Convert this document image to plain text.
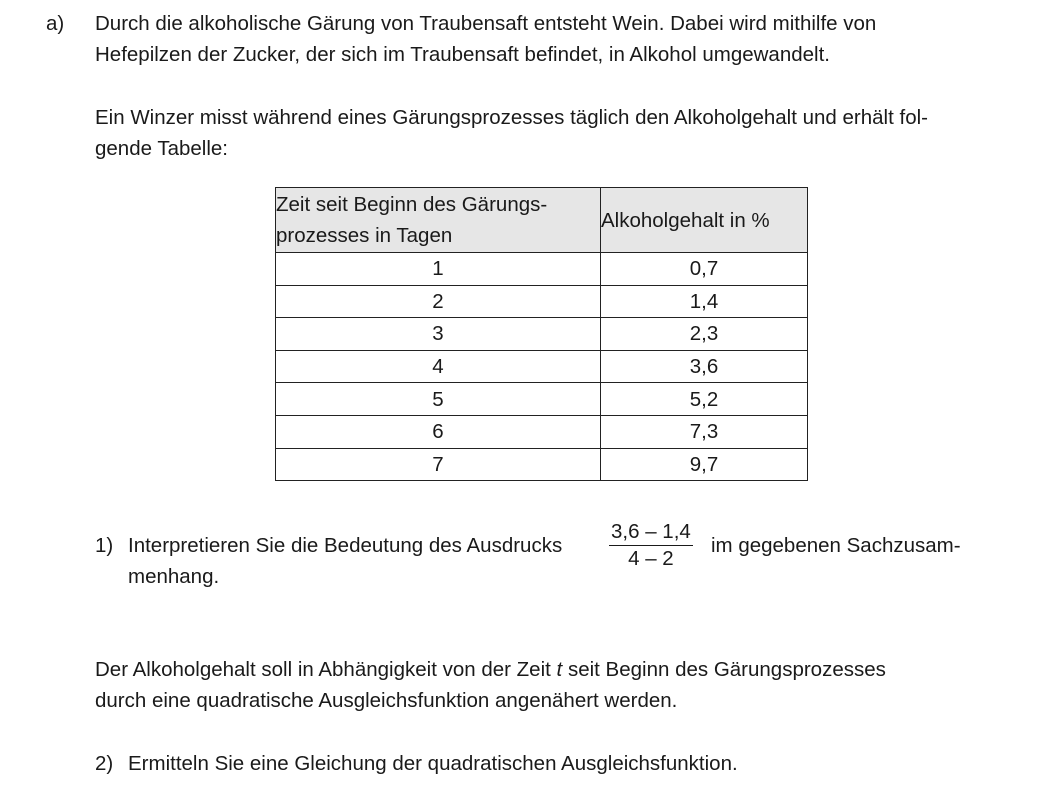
a) Durch die alkoholische Gärung von Traubensaft entsteht Wein. Dabei wird mithilfe von
Hefepilzen der Zucker, der sich im Traubensaft befindet, in Alkohol umgewandelt.
Ein Winzer misst während eines Gärungsprozesses täglich den Alkoholgehalt und erhält fol-
gende Tabelle:
Zeit seit Beginn des Gärungs-
prozesses in Tagen	Alkoholgehalt in %
1	0,7
2	1,4
3	2,3
4	3,6
5	5,2
6	7,3
7	9,7
1) Interpretieren Sie die Bedeutung des Ausdrucks $\frac{3,6 - 1,4}{4 - 2}$ im gegebenen Sachzusam-
menhang.
Der Alkoholgehalt soll in Abhängigkeit von der Zeit t seit Beginn des Gärungsprozesses
durch eine quadratische Ausgleichsfunktion angenähert werden.
2) Ermitteln Sie eine Gleichung der quadratischen Ausgleichsfunktion.
